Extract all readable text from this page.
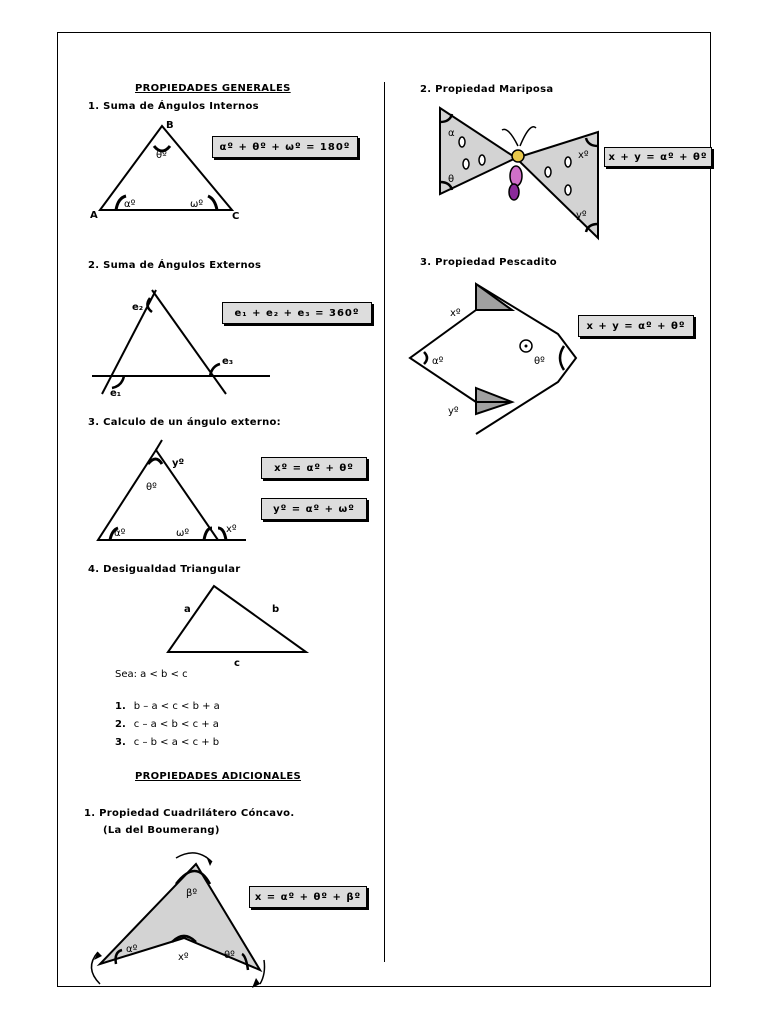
PROPIEDADES GENERALES
1. Suma de Ángulos Internos
B
A	C
θº
αº	ωº
αº + θº + ωº = 180º
2. Suma de Ángulos Externos
e₂
e₁
e₃
e₁ + e₂ + e₃ = 360º
3. Calculo de un ángulo externo:
yº
θº
αº	ωº	xº
xº = αº + θº
yº = αº + ωº
4. Desigualdad Triangular
a	b
c
Sea: a < b < c
1. b – a < c < b + a
2. c – a < b < c + a
3. c – b < a < c + b
PROPIEDADES ADICIONALES
1. Propiedad Cuadrilátero Cóncavo.
(La del Boumerang)
βº
αº
θº
xº
x = αº + θº + βº
2. Propiedad Mariposa
α
θ
xº
yº
x + y = αº + θº
3. Propiedad Pescadito
xº
αº	θº
yº
x + y = αº + θº
